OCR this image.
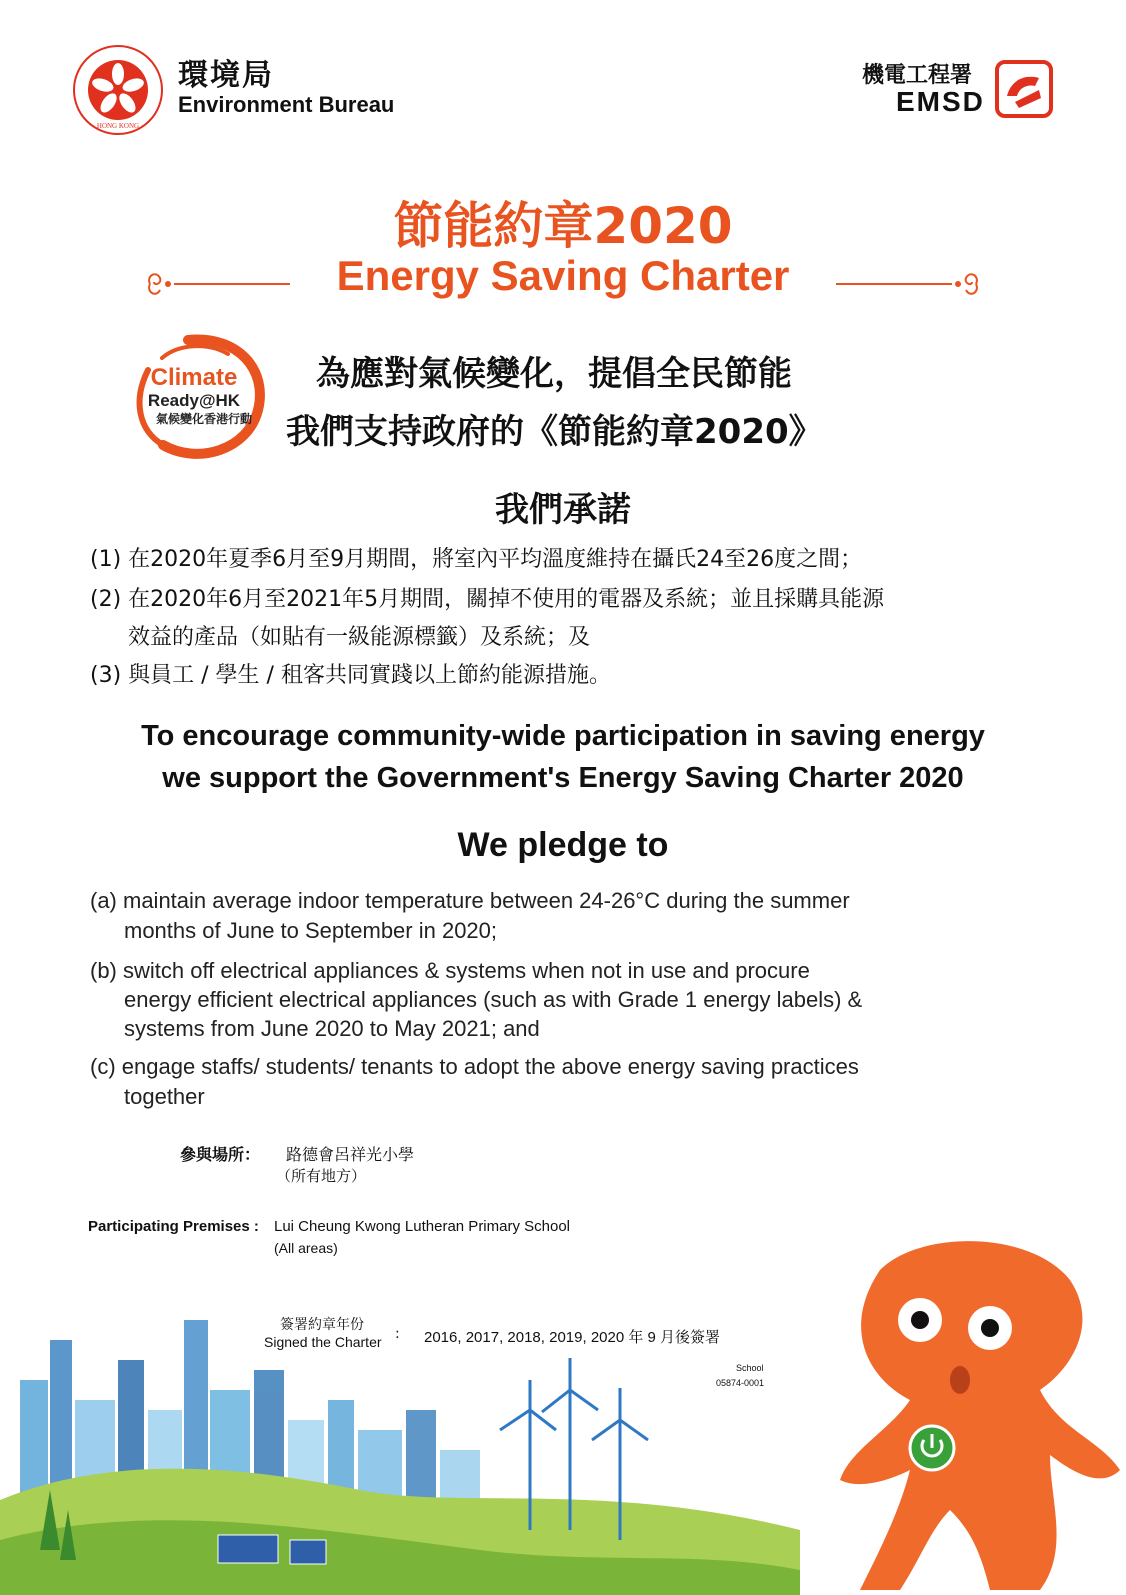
HONG KONG
環境局
Environment Bureau
機電工程署
EMSD
節能約章2020
Energy Saving Charter
Climate
Ready@HK
氣候變化香港行動
為應對氣候變化，提倡全民節能
我們支持政府的《節能約章2020》
我們承諾
(1) 在2020年夏季6月至9月期間，將室內平均溫度維持在攝氏24至26度之間；
(2) 在2020年6月至2021年5月期間，關掉不使用的電器及系統；並且採購具能源
效益的產品（如貼有一級能源標籤）及系統；及
(3) 與員工 / 學生 / 租客共同實踐以上節約能源措施。
To encourage community-wide participation in saving energy
we support the Government's Energy Saving Charter 2020
We pledge to
(a) maintain average indoor temperature between 24-26°C during the summer
months of June to September in 2020;
(b) switch off electrical appliances & systems when not in use and procure
energy efficient electrical appliances (such as with Grade 1 energy labels) &
systems from June 2020 to May 2021; and
(c) engage staffs/ students/ tenants to adopt the above energy saving practices
together
參與場所： 路德會呂祥光小學
（所有地方）
Participating Premises : Lui Cheung Kwong Lutheran Primary School
(All areas)
簽署約章年份
Signed the Charter : 2016, 2017, 2018, 2019, 2020 年 9 月後簽署
School
05874-0001
